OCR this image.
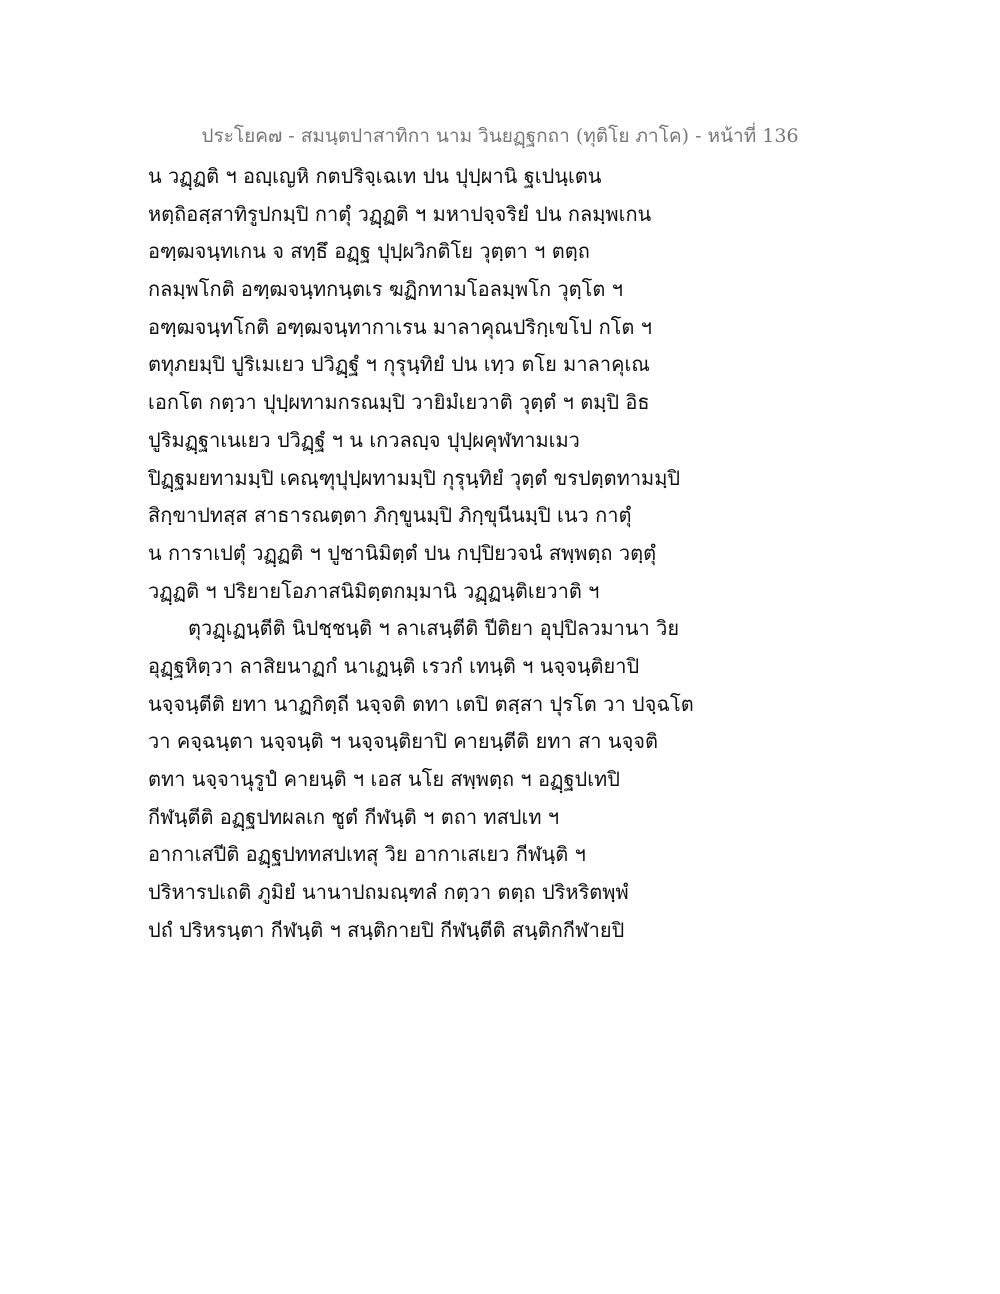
ประโยค๗ - สมนฺตปาสาทิกา นาม วินยฏฺฐกถา (ทุติโย ภาโค) - หน้าที่ 136
น วฏฺฏติ ฯ อญฺเญหิ กตปริจฺเฉเท ปน ปุปฺผานิ ฐเปนฺเตน
หตฺถิอสฺสาทิรูปกมฺปิ กาตุํ วฏฺฏติ ฯ มหาปจฺจริยํ ปน กลมฺพเกน
อฑฺฒจนฺทเกน จ สทฺธึ อฏฺฐ ปุปฺผวิกติโย วุตฺตา ฯ ตตฺถ
กลมฺพโกติ อฑฺฒจนฺทกนฺตเร ฆฏิกทามโอลมฺพโก วุตฺโต ฯ
อฑฺฒจนฺทโกติ อฑฺฒจนฺทากาเรน มาลาคุณปริกฺเขโป กโต ฯ
ตทุภยมฺปิ ปูริเมเยว ปวิฏฺฐํ ฯ กุรุนฺทิยํ ปน เทฺว ตโย มาลาคุเณ
เอกโต กตฺวา ปุปฺผทามกรณมฺปิ วายิมํเยวาติ วุตฺตํ ฯ ตมฺปิ อิธ
ปูริมฏฺฐาเนเยว ปวิฏฺฐํ ฯ น เกวลญฺจ ปุปฺผคุฬทามเมว
ปิฏฺฐมยทามมฺปิ เคณฺฑุปุปฺผทามมฺปิ กุรุนฺทิยํ วุตฺตํ ขรปตฺตทามมฺปิ
สิกฺขาปทสฺส สาธารณตฺตา ภิกฺขูนมฺปิ ภิกฺขุนีนมฺปิ เนว กาตุํ
น การาเปตุํ วฏฺฏติ ฯ ปูชานิมิตฺตํ ปน กปฺปิยวจนํ สพฺพตฺถ วตฺตุํ
วฏฺฏติ ฯ ปริยายโอภาสนิมิตฺตกมฺมานิ วฏฺฏนฺติเยวาติ ฯ
ตุวฏฺเฏนฺตีติ นิปชฺชนฺติ ฯ ลาเสนฺตีติ ปีติยา อุปฺปิลวมานา วิย
อุฏฺฐหิตฺวา ลาสิยนาฏกํ นาเฏนฺติ เรวกํ เทนฺติ ฯ นจฺจนฺติยาปิ
นจฺจนฺตีติ ยทา นาฏกิตฺถี นจฺจติ ตทา เตปิ ตสฺสา ปุรโต วา ปจฺฉโต
วา คจฺฉนฺตา นจฺจนฺติ ฯ นจฺจนฺติยาปิ คายนฺตีติ ยทา สา นจฺจติ
ตทา นจฺจานุรูปํ คายนฺติ ฯ เอส นโย สพฺพตฺถ ฯ อฏฺฐปเทปิ
กีฬนฺตีติ อฏฺฐปทผลเก ชูตํ กีฬนฺติ ฯ ตถา ทสปเท ฯ
อากาเสปีติ อฏฺฐปททสปเทสุ วิย อากาเสเยว กีฬนฺติ ฯ
ปริหารปเถติ ภูมิยํ นานาปถมณฺฑลํ กตฺวา ตตฺถ ปริหริตพฺพํ
ปถํ ปริหรนฺตา กีฬนฺติ ฯ สนฺติกายปิ กีฬนฺตีติ สนฺติกกีฬายปิ
